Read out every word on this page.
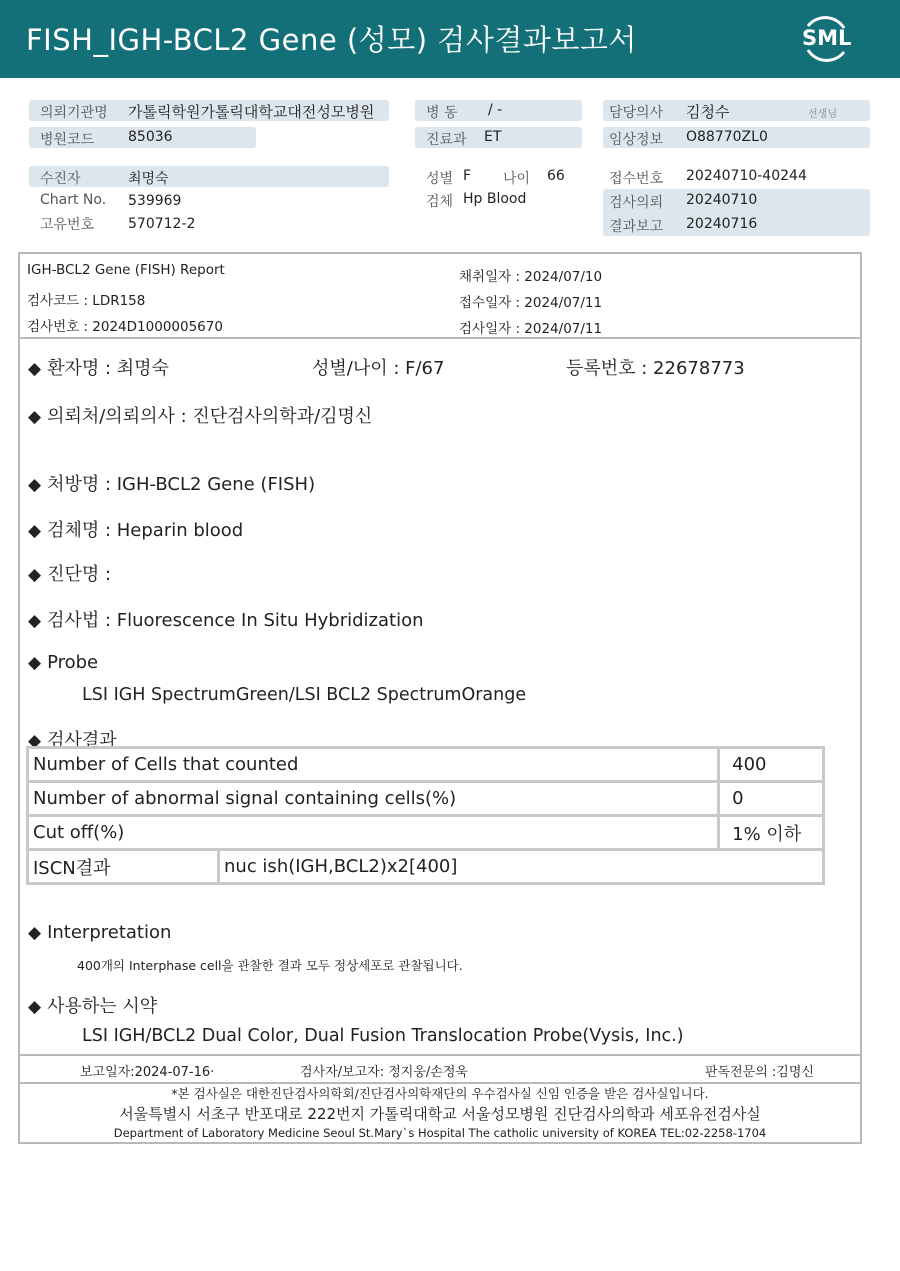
FISH_IGH-BCL2 Gene (성모) 검사결과보고서	SML
의뢰기관명 가톨릭학원가톨릭대학교대전성모병원
병원코드 85036
병 동 / -
진료과 ET
담당의사 김청수	선생님
임상정보 O88770ZL0
수진자	최명숙
Chart No. 539969
고유번호 570712-2
성별 F 나이 66
검체 Hp Blood
접수번호 20240710-40244
검사의뢰 20240710
결과보고 20240716
IGH-BCL2 Gene (FISH) Report
검사코드 : LDR158
검사번호 : 2024D1000005670
채취일자 : 2024/07/10
접수일자 : 2024/07/11
검사일자 : 2024/07/11
◆ 환자명 : 최명숙	성별/나이 : F/67	등록번호 : 22678773
◆ 의뢰처/의뢰의사 : 진단검사의학과/김명신
◆ 처방명 : IGH-BCL2 Gene (FISH)
◆ 검체명 : Heparin blood
◆ 진단명 :
◆ 검사법 : Fluorescence In Situ Hybridization
◆ Probe
LSI IGH SpectrumGreen/LSI BCL2 SpectrumOrange
◆ 검사결과
Number of Cells that counted		400
Number of abnormal signal containing cells(%)		0
Cut off(%)		1% 이하
ISCN결과	nuc ish(IGH,BCL2)x2[400]	
◆ Interpretation
400개의 Interphase cell을 관찰한 결과 모두 정상세포로 관찰됩니다.
◆ 사용하는 시약
LSI IGH/BCL2 Dual Color, Dual Fusion Translocation Probe(Vysis, Inc.)
보고일자:2024-07-16·	검사자/보고자: 정지웅/손정욱	판독전문의 :김명신
*본 검사실은 대한진단검사의학회/진단검사의학재단의 우수검사실 신임 인증을 받은 검사실입니다.
서울특별시 서초구 반포대로 222번지 가톨릭대학교 서울성모병원 진단검사의학과 세포유전검사실
Department of Laboratory Medicine Seoul St.Mary`s Hospital The catholic university of KOREA TEL:02-2258-1704
